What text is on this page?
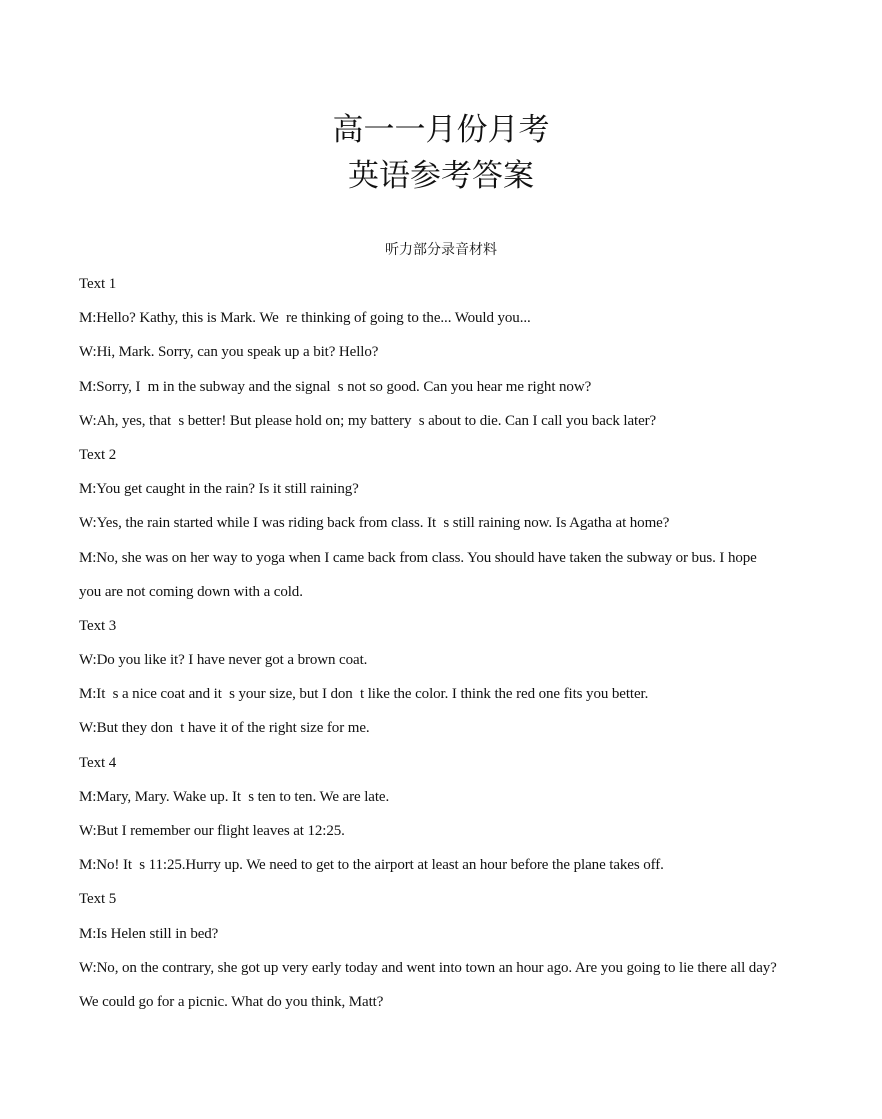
高一一月份月考
英语参考答案
听力部分录音材料
Text 1
M:Hello? Kathy, this is Mark. We  re thinking of going to the... Would you...
W:Hi, Mark. Sorry, can you speak up a bit? Hello?
M:Sorry, I  m in the subway and the signal  s not so good. Can you hear me right now?
W:Ah, yes, that  s better! But please hold on; my battery  s about to die. Can I call you back later?
Text 2
M:You get caught in the rain? Is it still raining?
W:Yes, the rain started while I was riding back from class. It  s still raining now. Is Agatha at home?
M:No, she was on her way to yoga when I came back from class. You should have taken the subway or bus. I hope
you are not coming down with a cold.
Text 3
W:Do you like it? I have never got a brown coat.
M:It  s a nice coat and it  s your size, but I don  t like the color. I think the red one fits you better.
W:But they don  t have it of the right size for me.
Text 4
M:Mary, Mary. Wake up. It  s ten to ten. We are late.
W:But I remember our flight leaves at 12:25.
M:No! It  s 11:25.Hurry up. We need to get to the airport at least an hour before the plane takes off.
Text 5
M:Is Helen still in bed?
W:No, on the contrary, she got up very early today and went into town an hour ago. Are you going to lie there all day?
We could go for a picnic. What do you think, Matt?
